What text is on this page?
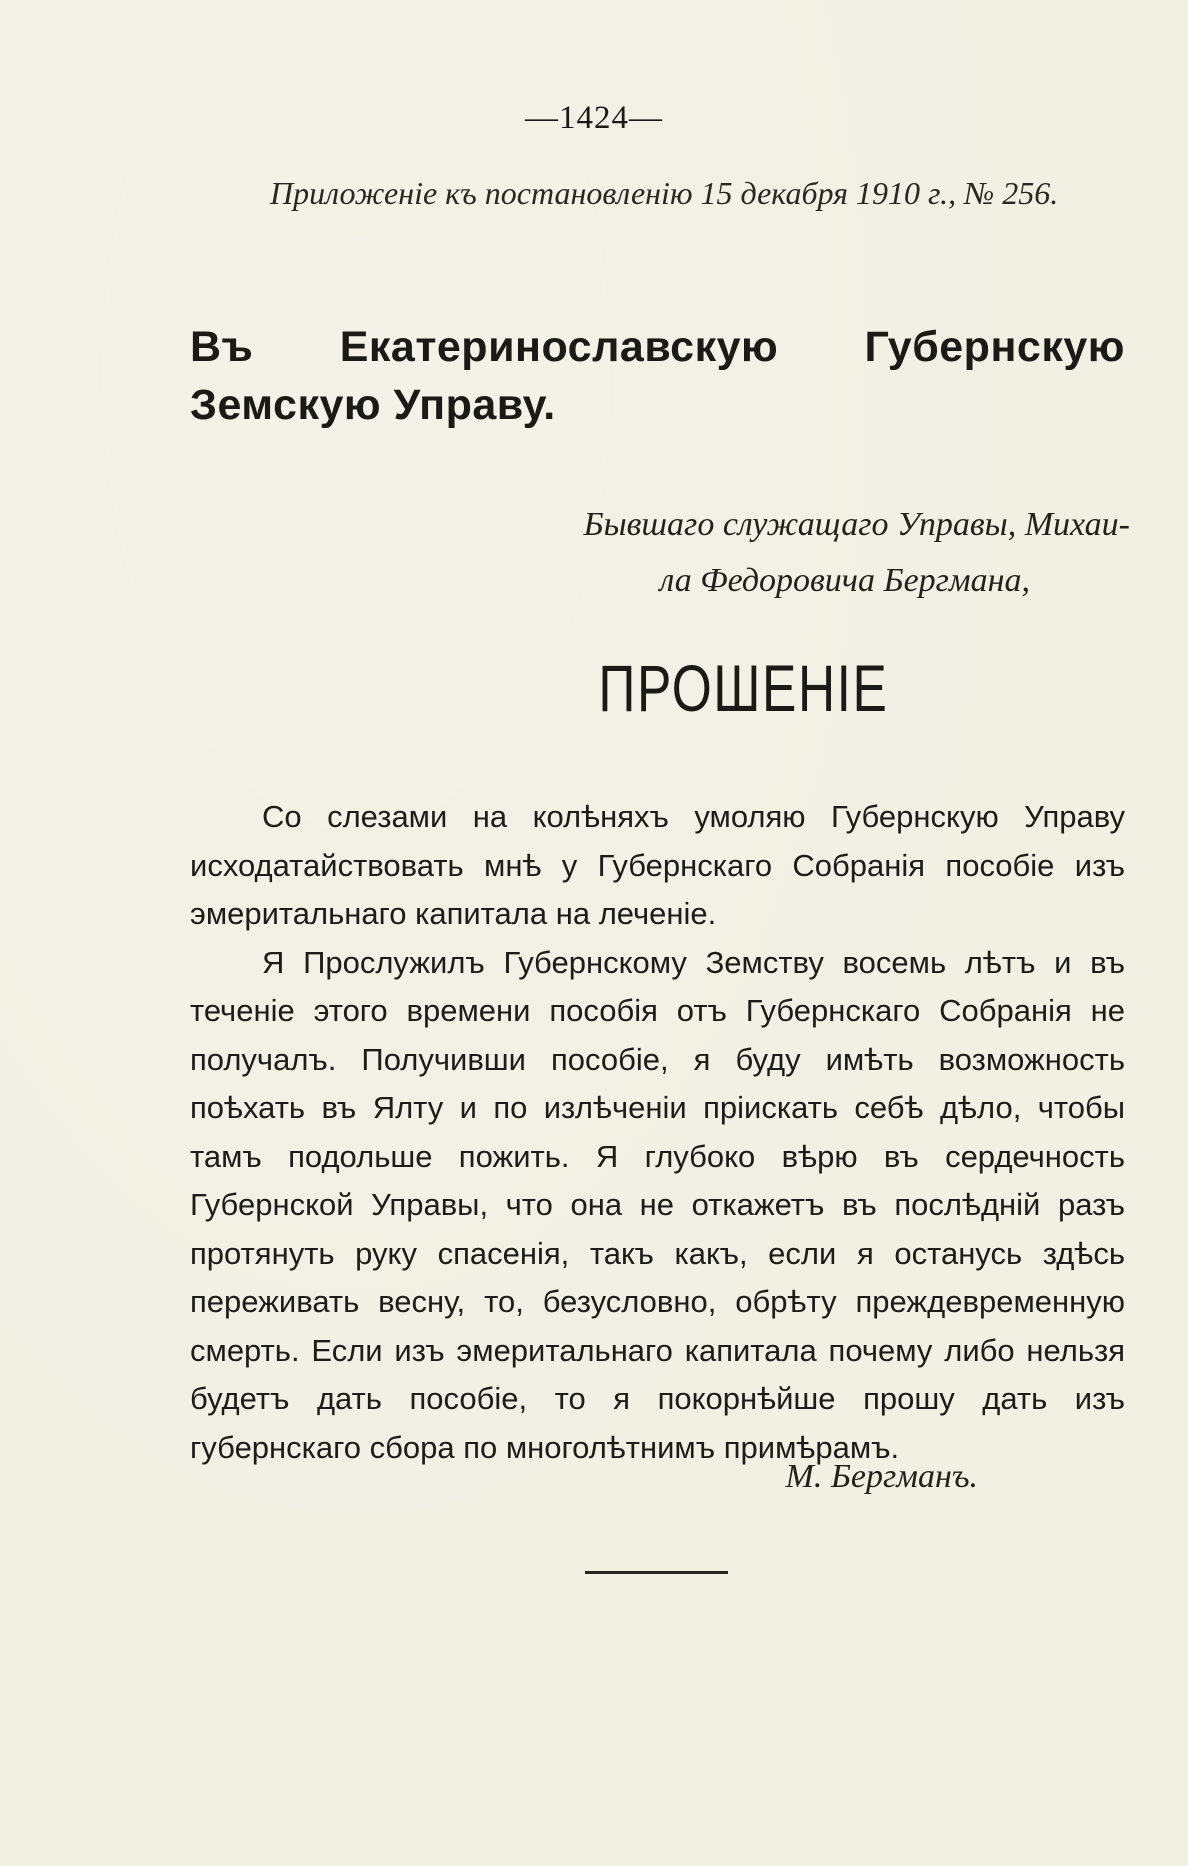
—1424—
Приложеніе къ постановленію 15 декабря 1910 г., № 256.
Въ Екатеринославскую Губернскую Земскую Управу.
Бывшаго служащаго Управы, Михаи-
ла Федоровича Бергмана,
ПРОШЕНІЕ

Со слезами на колѣняхъ умоляю Губернскую Управу исходатайствовать мнѣ у Губернскаго Собранія пособіе изъ эмеритальнаго капитала на леченіе.

Я Прослужилъ Губернскому Земству восемь лѣтъ и въ теченіе этого времени пособія отъ Губернскаго Собранія не получалъ. Получивши пособіе, я буду имѣть возможность поѣхать въ Ялту и по излѣченіи пріискать себѣ дѣло, чтобы тамъ подольше пожить. Я глубоко вѣрю въ сердечность Губернской Управы, что она не откажетъ въ послѣдній разъ протянуть руку спасенія, такъ какъ, если я останусь здѣсь переживать весну, то, безусловно, обрѣту преждевременную смерть. Если изъ эмеритальнаго капитала почему либо нельзя будетъ дать пособіе, то я покорнѣйше прошу дать изъ губернскаго сбора по многолѣтнимъ примѣрамъ.

М. Бергманъ.
